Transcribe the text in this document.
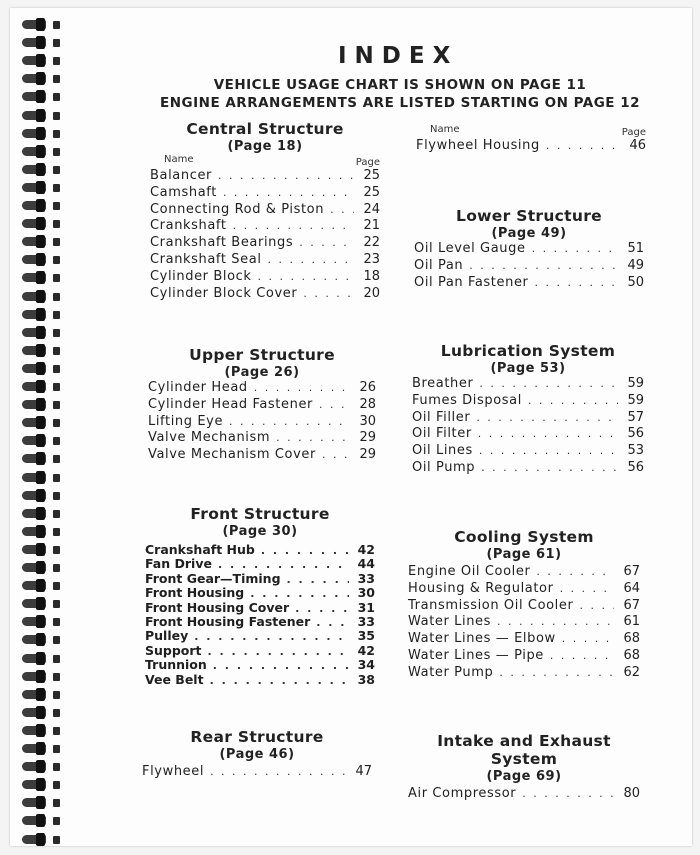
INDEX
VEHICLE USAGE CHART IS SHOWN ON PAGE 11
ENGINE ARRANGEMENTS ARE LISTED STARTING ON PAGE 12
Central Structure
(Page 18)
Name	Page
Balancer . . .	25
Camshaft . . .	25
Connecting Rod & Piston . . .	24
Crankshaft . . .	21
Crankshaft Bearings . . .	22
Crankshaft Seal . . .	23
Cylinder Block . . .	18
Cylinder Block Cover . . .	20
Name	Page
Flywheel Housing . . .	46
Lower Structure
(Page 49)
Oil Level Gauge . . .	51
Oil Pan . . .	49
Oil Pan Fastener . . .	50
Upper Structure
(Page 26)
Cylinder Head . . .	26
Cylinder Head Fastener . . .	28
Lifting Eye . . .	30
Valve Mechanism . . .	29
Valve Mechanism Cover . . .	29
Lubrication System
(Page 53)
Breather . . .	59
Fumes Disposal . . .	59
Oil Filler . . .	57
Oil Filter . . .	56
Oil Lines . . .	53
Oil Pump . . .	56
Front Structure
(Page 30)
Crankshaft Hub . . .	42
Fan Drive . . .	44
Front Gear—Timing . . .	33
Front Housing . . .	30
Front Housing Cover . . .	31
Front Housing Fastener . . .	33
Pulley . . .	35
Support . . .	42
Trunnion . . .	34
Vee Belt . . .	38
Cooling System
(Page 61)
Engine Oil Cooler . . .	67
Housing & Regulator . . .	64
Transmission Oil Cooler . . .	67
Water Lines . . .	61
Water Lines — Elbow . . .	68
Water Lines — Pipe . . .	68
Water Pump . . .	62
Rear Structure
(Page 46)
Flywheel . . .	47
Intake and Exhaust System
(Page 69)
Air Compressor . . .	80
